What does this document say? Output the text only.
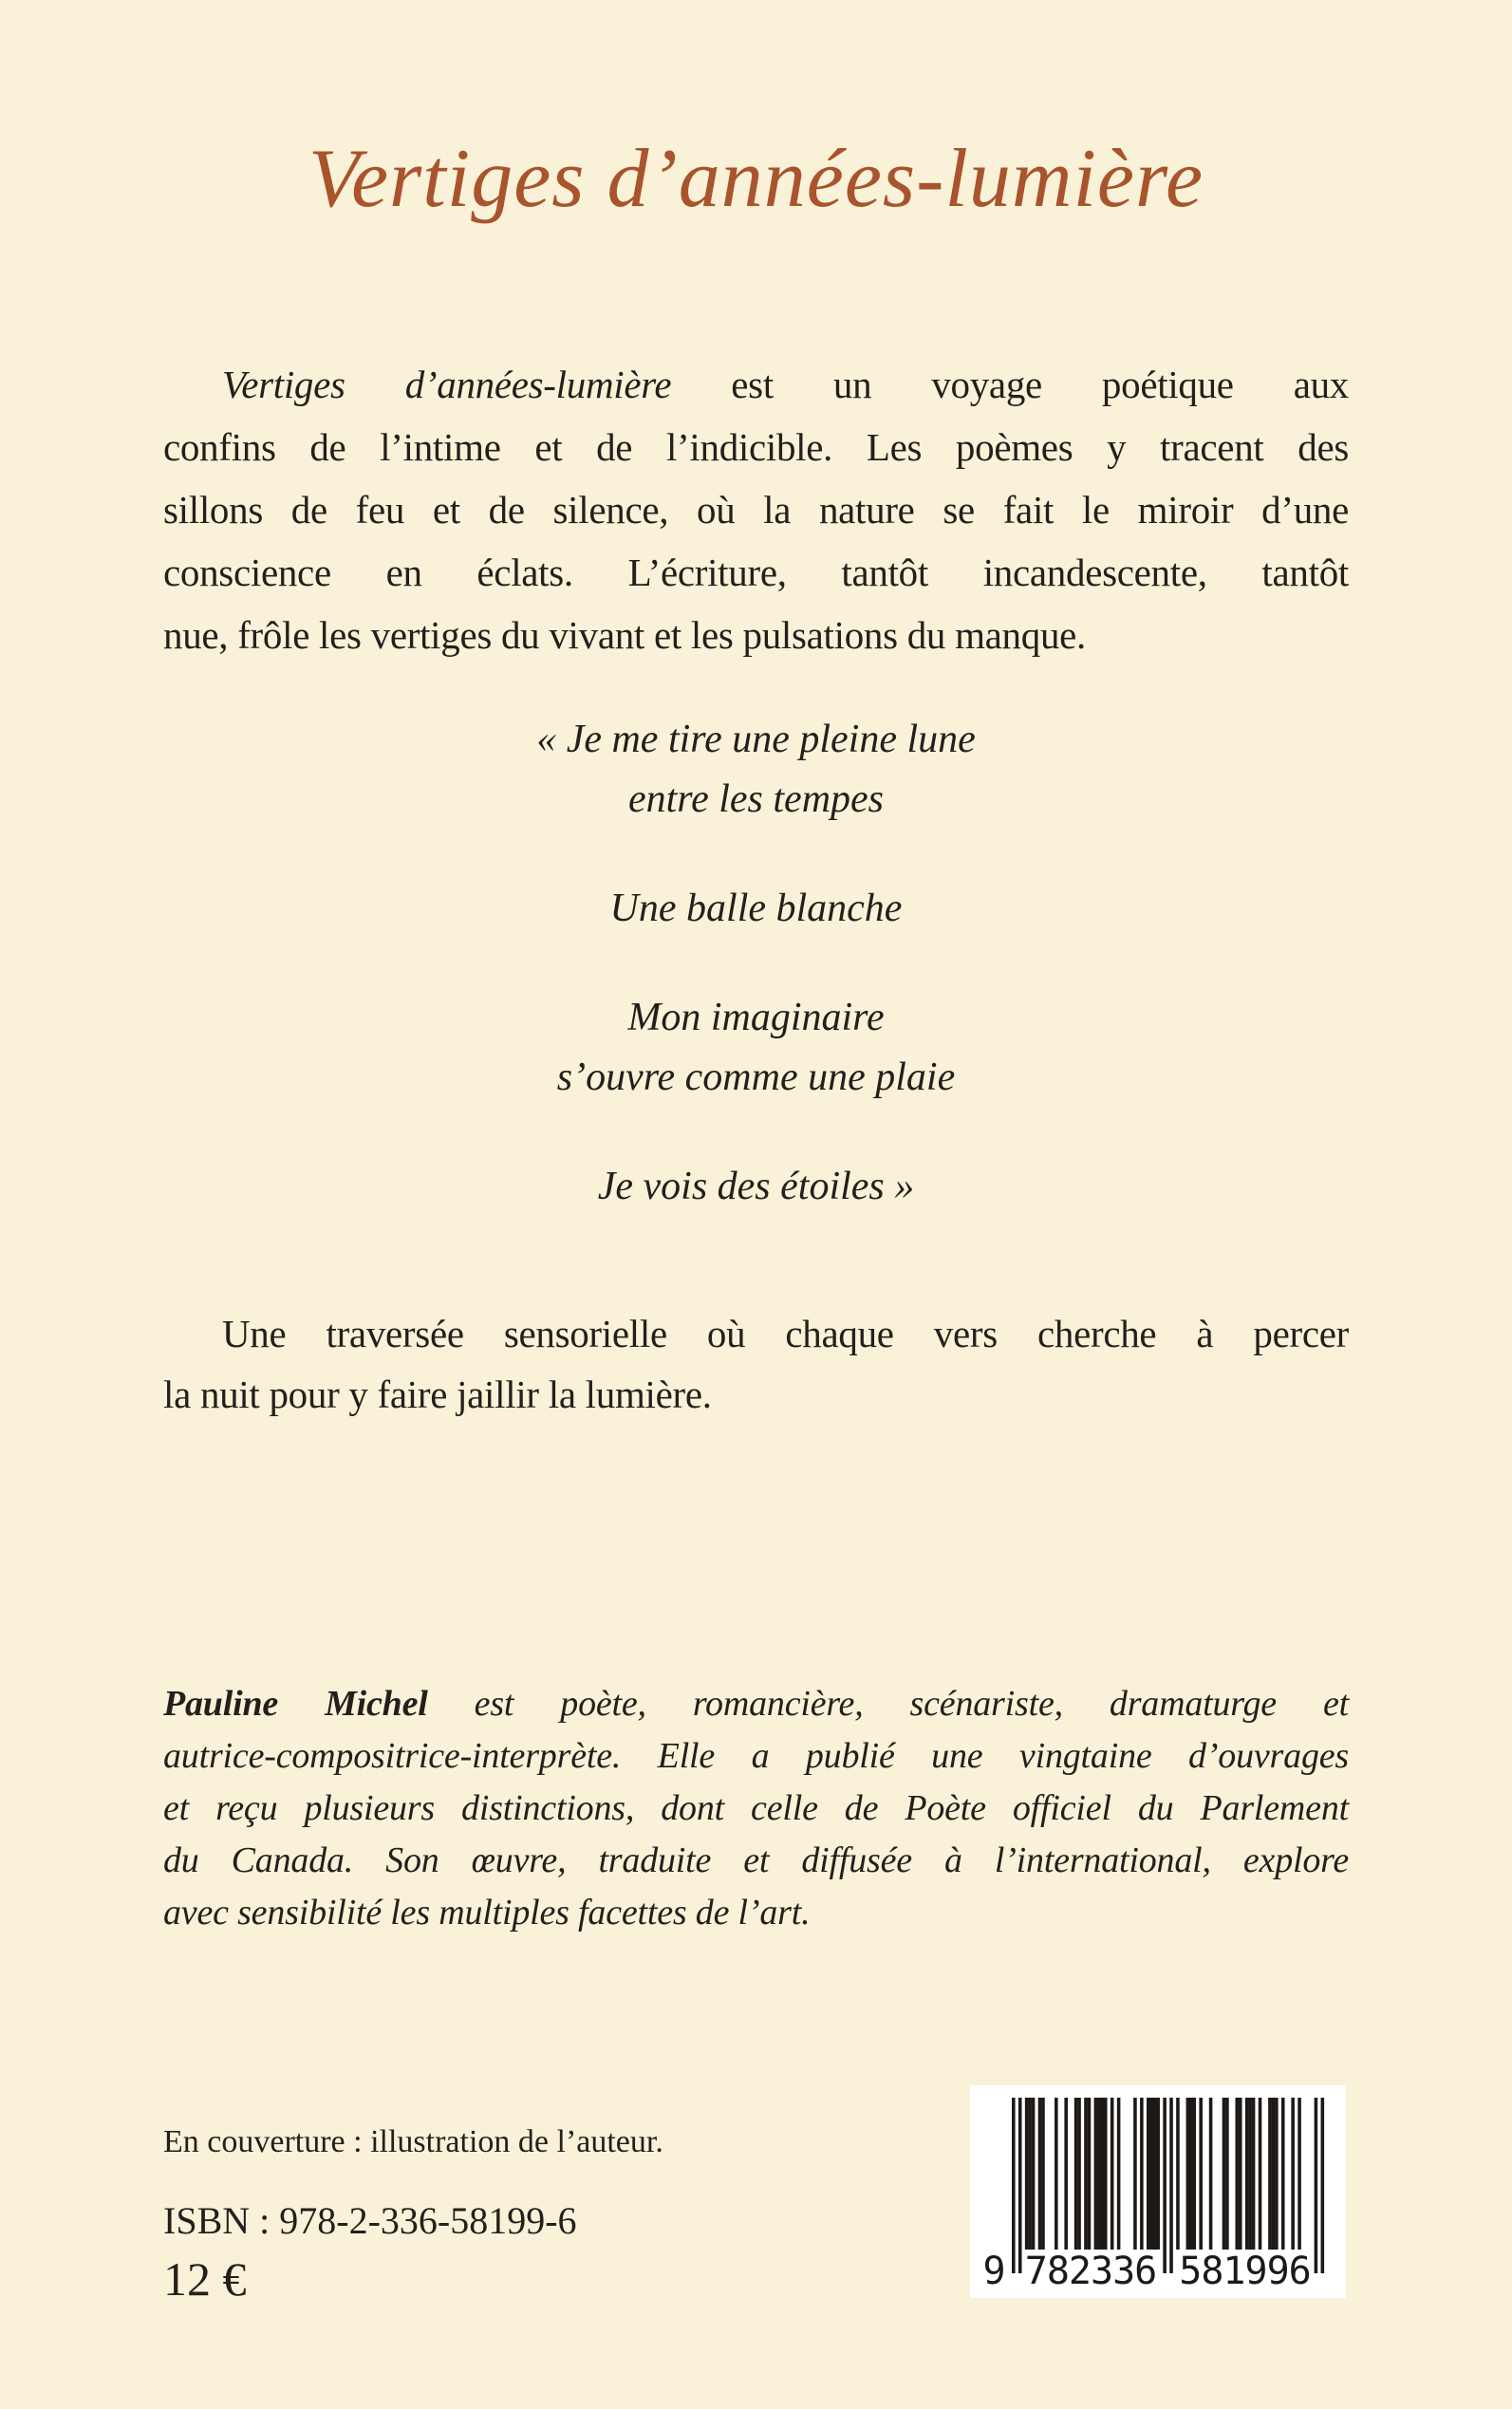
Vertiges d’années-lumière
Vertiges d’années-lumière est un voyage poétique aux
confins de l’intime et de l’indicible. Les poèmes y tracent des
sillons de feu et de silence, où la nature se fait le miroir d’une
conscience en éclats. L’écriture, tantôt incandescente, tantôt
nue, frôle les vertiges du vivant et les pulsations du manque.
« Je me tire une pleine lune
entre les tempes
Une balle blanche
Mon imaginaire
s’ouvre comme une plaie
Je vois des étoiles »
Une traversée sensorielle où chaque vers cherche à percer
la nuit pour y faire jaillir la lumière.
Pauline Michel est poète, romancière, scénariste, dramaturge et
autrice-compositrice-interprète. Elle a publié une vingtaine d’ouvrages
et reçu plusieurs distinctions, dont celle de Poète officiel du Parlement
du Canada. Son œuvre, traduite et diffusée à l’international, explore
avec sensibilité les multiples facettes de l’art.
En couverture : illustration de l’auteur.
ISBN : 978-2-336-58199-6
12 €	9 782336 581996
